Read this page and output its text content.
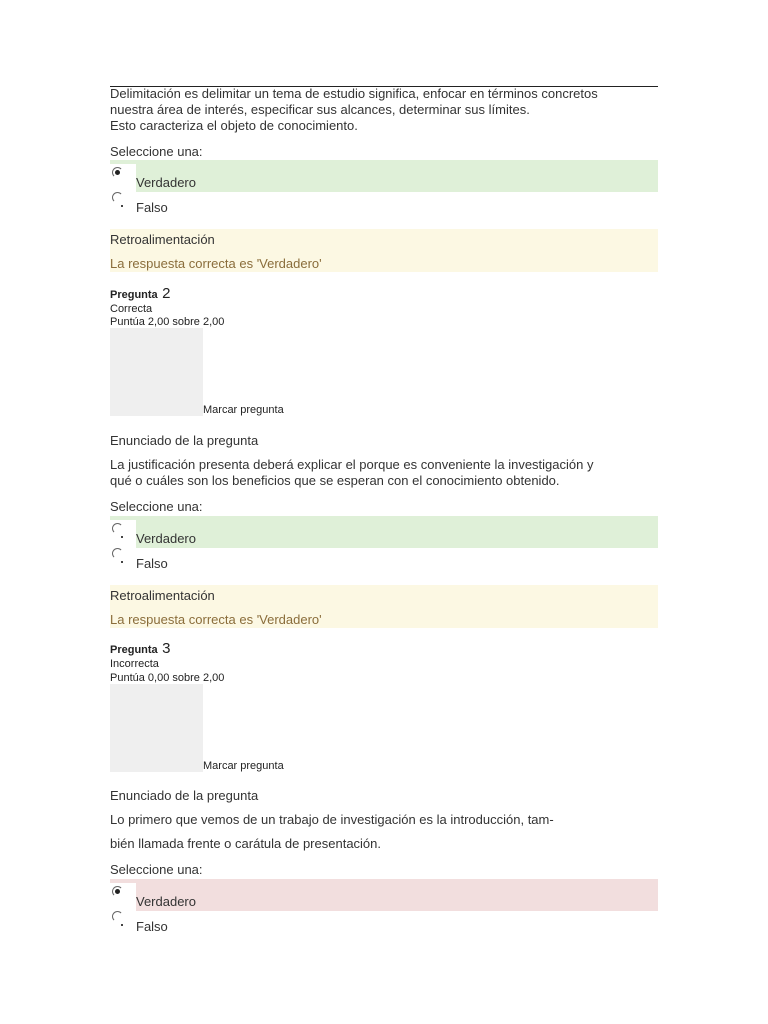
Delimitación es delimitar un tema de estudio significa, enfocar en términos concretos
nuestra área de interés, especificar sus alcances, determinar sus límites.
Esto caracteriza el objeto de conocimiento.
Seleccione una:
Verdadero
Falso
Retroalimentación
La respuesta correcta es 'Verdadero'
Pregunta 2
Correcta
Puntúa 2,00 sobre 2,00
Marcar pregunta
Enunciado de la pregunta
La justificación presenta deberá explicar el porque es conveniente la investigación y
qué o cuáles son los beneficios que se esperan con el conocimiento obtenido.
Seleccione una:
Verdadero
Falso
Retroalimentación
La respuesta correcta es 'Verdadero'
Pregunta 3
Incorrecta
Puntúa 0,00 sobre 2,00
Marcar pregunta
Enunciado de la pregunta
Lo primero que vemos de un trabajo de investigación es la introducción, tam-
bién llamada frente o carátula de presentación.
Seleccione una:
Verdadero
Falso
